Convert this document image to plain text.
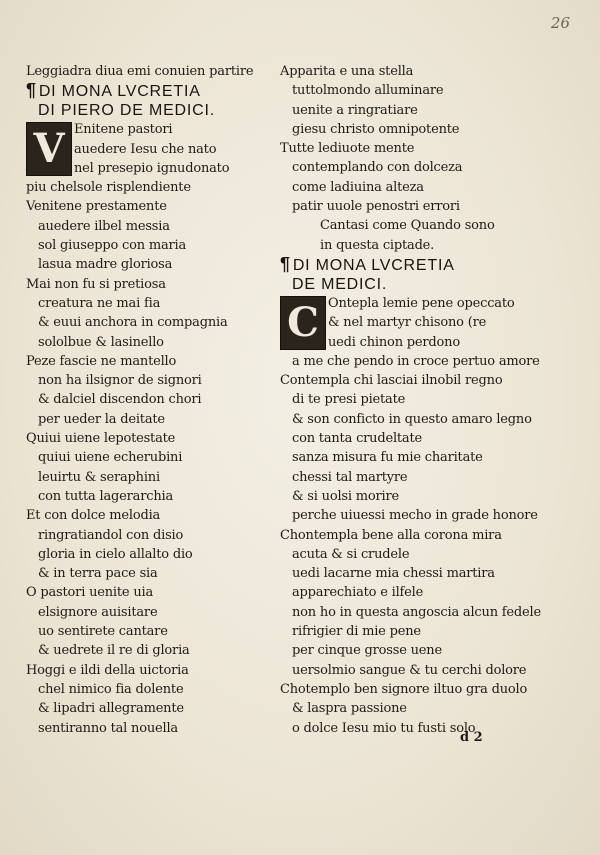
26
Leggiadra diua emi conuien partire
¶ DI MONA LVCRETIA
DI PIERO DE MEDICI.
V Enitene pastori
auedere Iesu che nato
nel presepio ignudonato
piu chelsole risplendiente
Venitene prestamente
auedere ilbel messia
sol giuseppo con maria
lasua madre gloriosa
Mai non fu si pretiosa
creatura ne mai fia
& euui anchora in compagnia
sololbue & lasinello
Peze fascie ne mantello
non ha ilsignor de signori
& dalciel discendon chori
per ueder la deitate
Quiui uiene lepotestate
quiui uiene echerubini
leuirtu & seraphini
con tutta lagerarchia
Et con dolce melodia
ringratiandol con disio
gloria in cielo allalto dio
& in terra pace sia
O pastori uenite uia
elsignore auisitare
uo sentirete cantare
& uedrete il re di gloria
Hoggi e ildi della uictoria
chel nimico fia dolente
& lipadri allegramente
sentiranno tal nouella
Apparita e una stella
tuttolmondo alluminare
uenite a ringratiare
giesu christo omnipotente
Tutte lediuote mente
contemplando con dolceza
come ladiuina alteza
patir uuole penostri errori
Cantasi come Quando sono
in questa ciptade.
¶ DI MONA LVCRETIA
DE MEDICI.
C Ontepla lemie pene opeccato
& nel martyr chisono (re
uedi chinon perdono
a me che pendo in croce pertuo amore
Contempla chi lasciai ilnobil regno
di te presi pietate
& son conficto in questo amaro legno
con tanta crudeltate
sanza misura fu mie charitate
chessi tal martyre
& si uolsi morire
perche uiuessi mecho in grade honore
Chontempla bene alla corona mira
acuta & si crudele
uedi lacarne mia chessi martira
apparechiato e ilfele
non ho in questa angoscia alcun fedele
rifrigier di mie pene
per cinque grosse uene
uersolmio sangue & tu cerchi dolore
Chotemplo ben signore iltuo gra duolo
& laspra passione
o dolce Iesu mio tu fusti solo
d 2
